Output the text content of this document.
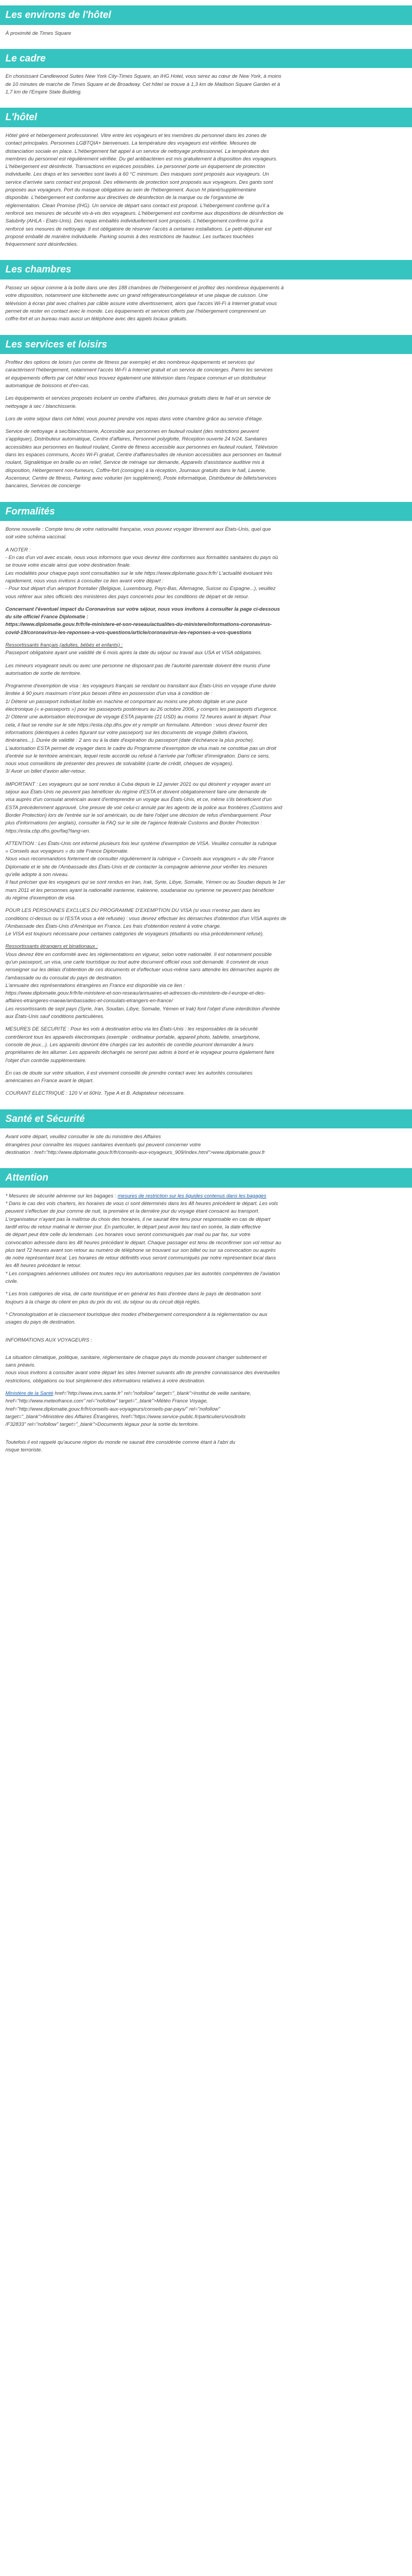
Les environs de l'hôtel

À proximité de Times Square

Le cadre

En choisissant Candlewood Suites New York City-Times Square, an IHG Hotel, vous serez au cœur de New York, à moins
de 10 minutes de marche de Times Square et de Broadway. Cet hôtel se trouve à 1,3 km de Madison Square Garden et à
1,7 km de l'Empire State Building.

L'hôtel

Hôtel géré et hébergement professionnel. Vitre entre les voyageurs et les membres du personnel dans les zones de
contact principales. Personnes LGBTQIA+ bienvenues. La température des voyageurs est vérifiée. Mesures de
distanciation sociale en place. L'hébergement fait appel à un service de nettoyage professionnel. La température des
membres du personnel est régulièrement vérifiée. Du gel antibactérien est mis gratuitement à disposition des voyageurs.
L'hébergement est désinfecté. Transactions en espèces possibles. Le personnel porte un équipement de protection
individuelle. Les draps et les serviettes sont lavés à 60 °C minimum. Des masques sont proposés aux voyageurs. Un
service d'arrivée sans contact est proposé. Des vêtements de protection sont proposés aux voyageurs. Des gants sont
proposés aux voyageurs. Port du masque obligatoire au sein de l'hébergement. Aucun ht plané/supplémentaire
disponible. L'hébergement est conforme aux directives de désinfection de la marque ou de l'organisme de
réglementation. Clean Promise (IHG). Un service de départ sans contact est proposé. L'hébergement confirme qu'il a
renforcé ses mesures de sécurité vis-à-vis des voyageurs. L'hébergement est conforme aux dispositions de désinfection de
Salubrity (AHLA - Etats-Unis). Des repas emballés individuellement sont proposés. L'hébergement confirme qu'il a
renforcé ses mesures de nettoyage. Il est obligatoire de réserver l'accès à certaines installations. Le petit-déjeuner est
proposé emballé de manière individuelle. Parking soumis à des restrictions de hauteur. Les surfaces touchées
fréquemment sont désinfectées.

Les chambres

Passez un séjour comme à la boîte dans une des 188 chambres de l'hébergement et profitez des nombreux équipements à
votre disposition, notamment une kitchenette avec un grand réfrigérateur/congélateur et une plaque de cuisson. Une
télévision à écran plat avec chaînes par câble assure votre divertissement, alors que l'accès Wi-Fi à Internet gratuit vous
permet de rester en contact avec le monde. Les équipements et services offerts par l'hébergement comprennent un
coffre-fort et un bureau mais aussi un téléphone avec des appels locaux gratuits.

Les services et loisirs

Profitez des options de loisirs (un centre de fitness par exemple) et des nombreux équipements et services qui
caractérisent l'hébergement, notamment l'accès Wi-Fi à Internet gratuit et un service de concierges. Parmi les services
et équipements offerts par cet hôtel vous trouvez également une télévision dans l'espace commun et un distributeur
automatique de boissons et d'en-cas.

Les équipements et services proposés incluent un centre d'affaires, des journaux gratuits dans le hall et un service de
nettoyage à sec / blanchisserie.

Lors de votre séjour dans cet hôtel, vous pourrez prendre vos repas dans votre chambre grâce au service d'étage.

Service de nettoyage à sec/blanchisserie, Accessible aux personnes en fauteuil roulant (des restrictions peuvent
s'appliquer), Distributeur automatique, Centre d'affaires, Personnel polyglotte, Réception ouverte 24 h/24, Sanitaires
accessibles aux personnes en fauteuil roulant, Centre de fitness accessible aux personnes en fauteuil roulant, Télévision
dans les espaces communs, Accès Wi-Fi gratuit, Centre d'affaires/salles de réunion accessibles aux personnes en fauteuil
roulant, Signalétique en braille ou en relief, Service de ménage sur demande, Appareils d'assistance auditive mis à
disposition, Hébergement non-fumeurs, Coffre-fort (consigne) à la réception, Journaux gratuits dans le hall, Laverie,
Ascenseur, Centre de fitness, Parking avec voiturier (en supplément), Poste informatique, Distributeur de billets/services
bancaires, Services de concierge

Formalités

Bonne nouvelle : Compte tenu de votre nationalité française, vous pouvez voyager librement aux États-Unis, quel que
soit votre schéma vaccinal.

A NOTER :
- En cas d'un vol avec escale, nous vous informons que vous devrez être conformes aux formalités sanitaires du pays où
se trouve votre escale ainsi que votre destination finale.
Les modalités pour chaque pays sont consultables sur le site https://www.diplomatie.gouv.fr/fr/ L'actualité évoluant très
rapidement, nous vous invitons à consulter ce lien avant votre départ :
- Pour tout départ d'un aéroport frontalier (Belgique, Luxembourg, Pays-Bas, Allemagne, Suisse ou Espagne...), veuillez
vous référer aux sites officiels des ministères des pays concernés pour les conditions de départ et de retour.

Concernant l'éventuel impact du Coronavirus sur votre séjour, nous vous invitons à consulter la page ci-dessous
du site officiel France Diplomatie :
https://www.diplomatie.gouv.fr/fr/le-ministere-et-son-reseau/actualites-du-ministere/informations-coronavirus-
covid-19/coronavirus-les-reponses-a-vos-questions/article/coronavirus-les-reponses-a-vos-questions

Ressortissants français (adultes, bébés et enfants) :
Passeport obligatoire ayant une validité de 6 mois après la date du séjour ou travail aux USA et VISA obligatoires.

Les mineurs voyageant seuls ou avec une personne ne disposant pas de l'autorité parentale doivent être munis d'une
autorisation de sortie de territoire.

Programme d'exemption de visa : les voyageurs français se rendant ou transitant aux États-Unis en voyage d'une durée
limitée à 90 jours maximum n'ont plus besoin d'être en possession d'un visa à condition de :
1/ Détenir un passeport individuel lisible en machine et comportant au moins une photo digitale et une puce
électronique (« e-passeports ») pour les passeports postérieurs au 26 octobre 2006, y compris les passeports d'urgence.
2/ Obtenir une autorisation électronique de voyage ESTA payante (21 USD) au moins 72 heures avant le départ. Pour
cela, il faut se rendre sur le site https://esta.cbp.dhs.gov et y remplir un formulaire. Attention : vous devez fournir des
informations (identiques à celles figurant sur votre passeport) sur les documents de voyage (billets d'avions,
itinéraires...). Durée de validité : 2 ans ou à la date d'expiration du passeport (date d'échéance la plus proche).
L'autorisation ESTA permet de voyager dans le cadre du Programme d'exemption de visa mais ne constitue pas un droit
d'entrée sur le territoire américain, lequel reste accordé ou refusé à l'arrivée par l'officier d'immigration. Dans ce sens,
nous vous conseillons de présenter des preuves de solvabilité (carte de crédit, chèques de voyages).
3/ Avoir un billet d'avion aller-retour.

IMPORTANT : Les voyageurs qui se sont rendus à Cuba depuis le 12 janvier 2021 ou qui désirent y voyager avant un
séjour aux États-Unis ne peuvent pas bénéficier du régime d'ESTA et doivent obligatoirement faire une demande de
visa auprès d'un consulat américain avant d'entreprendre un voyage aux États-Unis, et ce, même s'ils bénéficient d'un
ESTA précédemment approuvé. Une preuve de voir celui-ci annulé par les agents de la police aux frontières (Customs and
Border Protection) lors de l'entrée sur le sol américain, ou de faire l'objet une décision de refus d'embarquement. Pour
plus d'informations (en anglais), consulter la FAQ sur le site de l'agence fédérale Customs and Border Protection :
https://esta.cbp.dhs.gov/faq?lang=en.

ATTENTION : Les États-Unis ont informé plusieurs fois leur système d'exemption de VISA. Veuillez consulter la rubrique
« Conseils aux voyageurs » du site France Diplomatie.
Nous vous recommandons fortement de consulter régulièrement la rubrique « Conseils aux voyageurs » du site France
Diplomatie et le site de l'Ambassade des États-Unis et de contacter la compagnie aérienne pour vérifier les mesures
qu'elle adopte à son niveau.
Il faut préciser que les voyageurs qui se sont rendus en Iran, Irak, Syrie, Libye, Somalie, Yémen ou au Soudan depuis le 1er
mars 2011 et les personnes ayant la nationalité iranienne, irakienne, soudanaise ou syrienne ne peuvent pas bénéficier
du régime d'exemption de visa.

POUR LES PERSONNES EXCLUES DU PROGRAMME D'EXEMPTION DU VISA (si vous n'entrez pas dans les
conditions ci-dessus ou si l'ESTA vous a été refusée) : vous devrez effectuer les démarches d'obtention d'un VISA auprès de
l'Ambassade des États-Unis d'Amérique en France. Les frais d'obtention restent à votre charge.
Le VISA est toujours nécessaire pour certaines catégories de voyageurs (étudiants ou visa précédemment refusé).

Ressortissants étrangers et binationaux :
Vous devrez être en conformité avec les réglementations en vigueur, selon votre nationalité. Il est notamment possible
qu'un passeport, un visa, une carte touristique ou tout autre document officiel vous soit demandé. Il convient de vous
renseigner sur les délais d'obtention de ces documents et d'effectuer vous-même sans attendre les démarches auprès de
l'ambassade ou du consulat du pays de destination.
L'annuaire des représentations étrangères en France est disponible via ce lien :
https://www.diplomatie.gouv.fr/fr/le-ministere-et-son-reseau/annuaires-et-adresses-du-ministere-de-l-europe-et-des-
affaires-etrangeres-maeae/ambassades-et-consulats-etrangers-en-france/
Les ressortissants de sept pays (Syrie, Iran, Soudan, Libye, Somalie, Yémen et Irak) font l'objet d'une interdiction d'entrée
aux États-Unis sauf conditions particulières.

MESURES DE SECURITE : Pour les vols à destination et/ou via les États-Unis : les responsables de la sécurité
contrôleront tous les appareils électroniques (exemple : ordinateur portable, appareil photo, tablette, smartphone,
console de jeux...). Les appareils devront être chargés car les autorités de contrôle pourront demander à leurs
propriétaires de les allumer. Les appareils déchargés ne seront pas admis à bord et le voyageur pourra également faire
l'objet d'un contrôle supplémentaire.

En cas de doute sur votre situation, il est vivement conseillé de prendre contact avec les autorités consulaires
américaines en France avant le départ.

COURANT ELECTRIQUE : 120 V et 60Hz. Type A et B. Adaptateur nécessaire.

Santé et Sécurité

Avant votre départ, veuillez consulter le site du ministère des Affaires
étrangères pour connaître les risques sanitaires éventuels qui peuvent concerner votre
destination : href="http://www.diplomatie.gouv.fr/fr/conseils-aux-voyageurs_909/index.html">www.diplomatie.gouv.fr

Attention

* Mesures de sécurité aérienne sur les bagages : mesures de restriction sur les liquides contenus dans les bagages
* Dans le cas des vols charters, les horaires de vous ci sont déterminés dans les 48 heures précédent le départ. Les vols
peuvent s'effectuer de jour comme de nuit, la première et la dernière jour du voyage étant consacré au transport.
L'organisateur n'ayant pas la maîtrise du choix des horaires, il ne saurait être tenu pour responsable en cas de départ
tardif et/ou de retour matinal le dernier jour. En particulier, le départ peut avoir lieu tard en soirée, la date effective
de départ peut être celle du lendemain. Les horaires vous seront communiqués par mail ou par fax, sur votre
convocation adressée dans les 48 heures précédant le départ. Chaque passager est tenu de reconfirmer son vol retour au
plus tard 72 heures avant son retour au numéro de téléphone se trouvant sur son billet ou sur sa convocation ou auprès
de notre représentant local. Les horaires de retour définitifs vous seront communiqués par notre représentant local dans
les 48 heures précédant le retour.
* Les compagnies aériennes utilisées ont toutes reçu les autorisations requises par les autorités compétentes de l'aviation
civile.

* Les trois catégories de visa, de carte touristique et en général les frais d'entrée dans le pays de destination sont
toujours à la charge du client en plus du prix du vol, du séjour ou du circuit déjà réglés.

* Chronologisation et le classement touristique des modes d'hébergement correspondent à la réglementation ou aux
usages du pays de destination.

INFORMATIONS AUX VOYAGEURS :

La situation climatique, politique, sanitaire, réglementaire de chaque pays du monde pouvant changer subitement et
sans préavis.
nous vous invitons à consulter avant votre départ les sites Internet suivants afin de prendre connaissance des éventuelles
restrictions, obligations ou tout simplement des informations relatives à votre destination.

Ministère de la Santé href="http://www.invs.sante.fr" rel="nofollow" target="_blank">Institut de veille sanitaire,
href="http://www.meteofrance.com" rel="nofollow" target="_blank">Météo France Voyage,
href="http://www.diplomatie.gouv.fr/fr/conseils-aux-voyageurs/conseils-par-pays/" rel="nofollow"
target="_blank">Ministère des Affaires Étrangères, href="https://www.service-public.fr/particuliers/vosdroits
/F32833" rel="nofollow" target="_blank">Documents légaux pour la sortie du territoire.

Toutefois il est rappelé qu'aucune région du monde ne saurait être considérée comme étant à l'abri du
risque terroriste.
